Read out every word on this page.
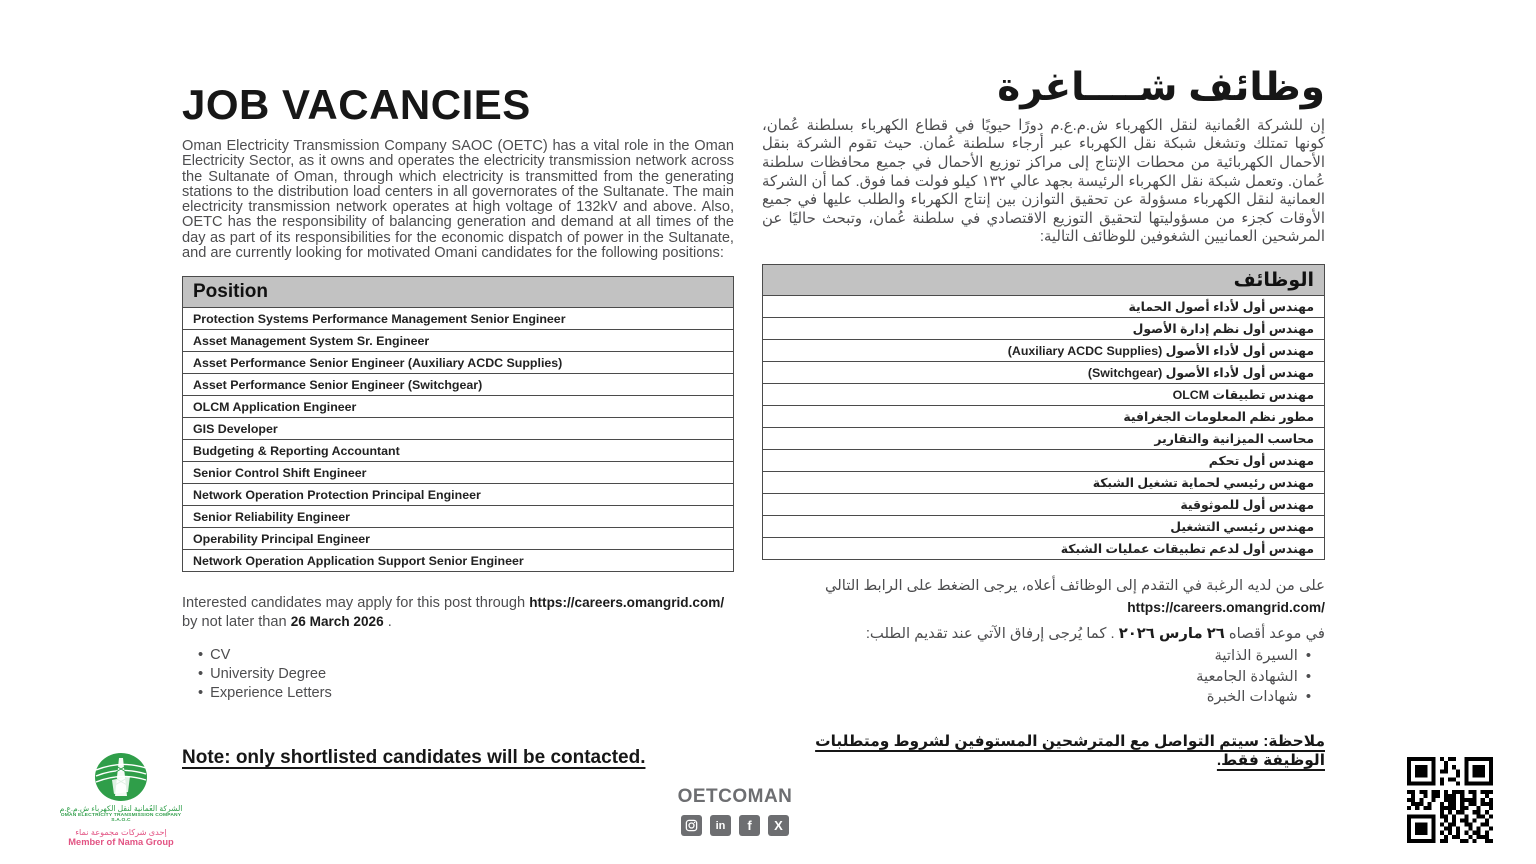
JOB VACANCIES

Oman Electricity Transmission Company SAOC (OETC) has a vital role in the Oman Electricity Sector, as it owns and operates the electricity transmission network across the Sultanate of Oman, through which electricity is transmitted from the generating stations to the distribution load centers in all governorates of the Sultanate. The main electricity transmission network operates at high voltage of 132kV and above. Also, OETC has the responsibility of balancing generation and demand at all times of the day as part of its responsibilities for the economic dispatch of power in the Sultanate, and are currently looking for motivated Omani candidates for the following positions:

Position
Protection Systems Performance Management Senior Engineer
Asset Management System Sr. Engineer
Asset Performance Senior Engineer (Auxiliary ACDC Supplies)
Asset Performance Senior Engineer (Switchgear)
OLCM Application Engineer
GIS Developer
Budgeting & Reporting Accountant
Senior Control Shift Engineer
Network Operation Protection Principal Engineer
Senior Reliability Engineer
Operability Principal Engineer
Network Operation Application Support Senior Engineer

Interested candidates may apply for this post through https://careers.omangrid.com/ by not later than 26 March 2026 .

• CV
• University Degree
• Experience Letters
Note: only shortlisted candidates will be contacted.
وظائف شــــاغرة

إن للشركة العُمانية لنقل الكهرباء ش.م.ع.م دورًا حيويًا في قطاع الكهرباء بسلطنة عُمان، كونها تمتلك وتشغل شبكة نقل الكهرباء عبر أرجاء سلطنة عُمان. حيث تقوم الشركة بنقل الأحمال الكهربائية من محطات الإنتاج إلى مراكز توزيع الأحمال في جميع محافظات سلطنة عُمان. وتعمل شبكة نقل الكهرباء الرئيسة بجهد عالي ١٣٢ كيلو فولت فما فوق. كما أن الشركة العمانية لنقل الكهرباء مسؤولة عن تحقيق التوازن بين إنتاج الكهرباء والطلب عليها في جميع الأوقات كجزء من مسؤوليتها لتحقيق التوزيع الاقتصادي في سلطنة عُمان، وتبحث حاليًا عن المرشحين العمانيين الشغوفين للوظائف التالية:

الوظائف
مهندس أول لأداء أصول الحماية
مهندس أول نظم إدارة الأصول
مهندس أول لأداء الأصول (Auxiliary ACDC Supplies)
مهندس أول لأداء الأصول (Switchgear)
مهندس تطبيقات OLCM
مطور نظم المعلومات الجغرافية
محاسب الميزانية والتقارير
مهندس أول تحكم
مهندس رئيسي لحماية تشغيل الشبكة
مهندس أول للموثوقية
مهندس رئيسي التشغيل
مهندس أول لدعم تطبيقات عمليات الشبكة
على من لديه الرغبة في التقدم إلى الوظائف أعلاه، يرجى الضغط على الرابط التالي
https://careers.omangrid.com/
في موعد أقصاه ٢٦ مارس ٢٠٢٦ . كما يُرجى إرفاق الآتي عند تقديم الطلب:
• السيرة الذاتية
• الشهادة الجامعية
• شهادات الخبرة
ملاحظة: سيتم التواصل مع المترشحين المستوفين لشروط ومتطلبات الوظيفة فقط.
الشركة العُمانية لنقل الكهرباء ش.م.ع.م
OMAN ELECTRICITY TRANSMISSION COMPANY S.A.O.C
إحدى شركات مجموعة نماء
Member of Nama Group
OETCOMAN
in	f	X
